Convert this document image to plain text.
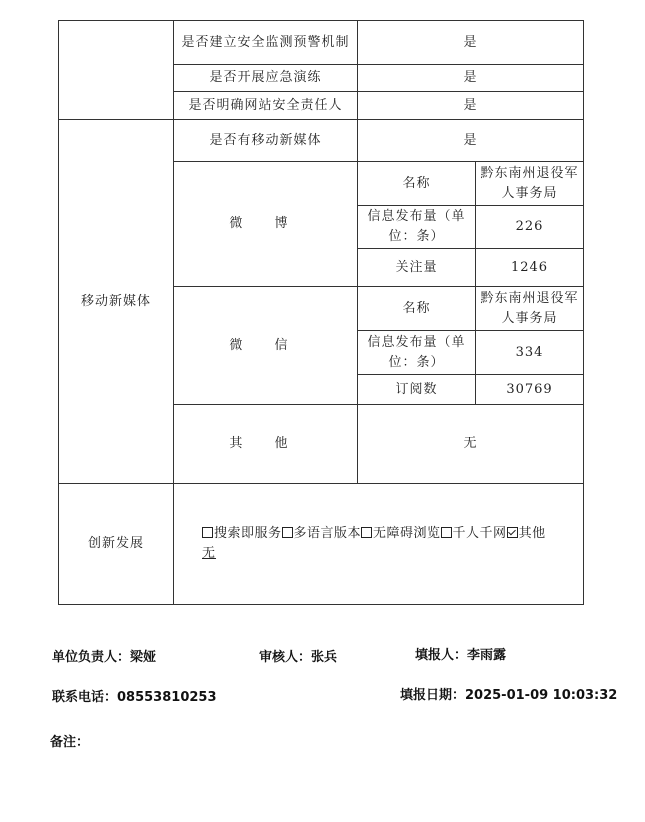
	是否建立安全监测预警机制	是	
	是否开展应急演练	是	
	是否明确网站安全责任人	是	
移动新媒体	是否有移动新媒体	是	
	微 博	名称	黔东南州退役军人事务局
		信息发布量（单位：条）	226
		关注量	1246
	微 信	名称	黔东南州退役军人事务局
		信息发布量（单位：条）	334
		订阅数	30769
	其 他	无	

创新发展	搜索即服务 多语言版本 无障碍浏览 千人千网 其他
无		
单位负责人：梁娅	审核人：张兵	填报人：李雨露
联系电话：08553810253	填报日期：2025-01-09 10:03:32
备注：
